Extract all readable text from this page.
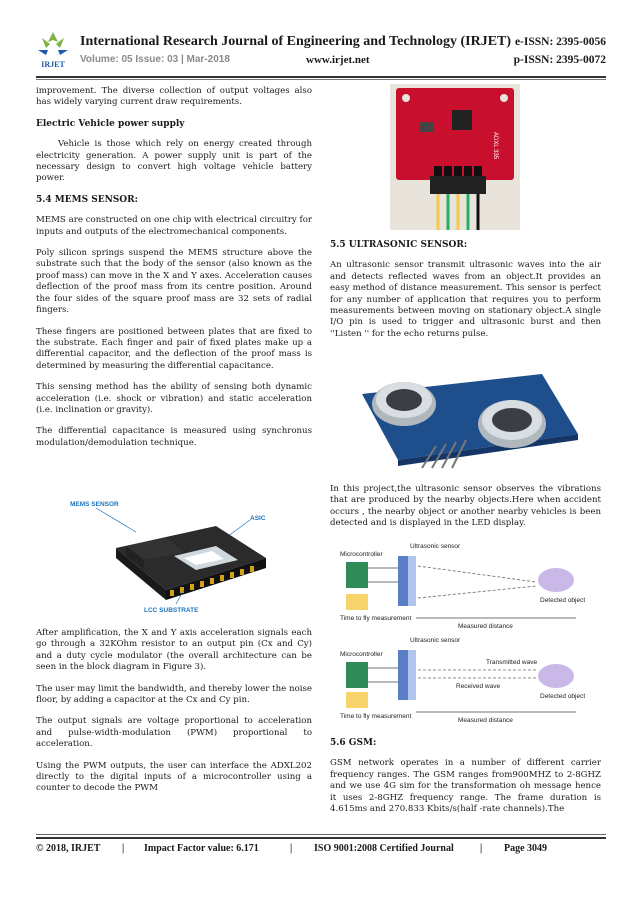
IRJET
International Research Journal of Engineering and Technology (IRJET) e-ISSN: 2395-0056
Volume: 05 Issue: 03 | Mar-2018	www.irjet.net	p-ISSN: 2395-0072

improvement. The diverse collection of output voltages also has widely varying current draw requirements.

Electric Vehicle power supply

Vehicle is those which rely on energy created through electricity generation. A power supply unit is part of the necessary design to convert high voltage vehicle battery power.

5.4 MEMS SENSOR:

MEMS are constructed on one chip with electrical circuitry for inputs and outputs of the electromechanical components.

Poly silicon springs suspend the MEMS structure above the substrate such that the body of the sensor (also known as the proof mass) can move in the X and Y axes. Acceleration causes deflection of the proof mass from its centre position. Around the four sides of the square proof mass are 32 sets of radial fingers.

These fingers are positioned between plates that are fixed to the substrate. Each finger and pair of fixed plates make up a differential capacitor, and the deflection of the proof mass is determined by measuring the differential capacitance.

This sensing method has the ability of sensing both dynamic acceleration (i.e. shock or vibration) and static acceleration (i.e. inclination or gravity).

The differential capacitance is measured using synchronus modulation/demodulation technique.

MEMS SENSOR
ASIC
LCC SUBSTRATE

After amplification, the X and Y axis acceleration signals each go through a 32KOhm resistor to an output pin (Cx and Cy) and a duty cycle modulator (the overall architecture can be seen in the block diagram in Figure 3).

The user may limit the bandwidth, and thereby lower the noise floor, by adding a capacitor at the Cx and Cy pin.

The output signals are voltage proportional to acceleration and pulse-width-modulation (PWM) proportional to acceleration.

Using the PWM outputs, the user can interface the ADXL202 directly to the digital inputs of a microcontroller using a counter to decode the PWM

ADXL 335
5.5 ULTRASONIC SENSOR:

An ultrasonic sensor transmit ultrasonic waves into the air and detects reflected waves from an object.It provides an easy method of distance measurement. This sensor is perfect for any number of application that requires you to perform measurements between moving on stationary object.A single I/O pin is used to trigger and ultrasonic burst and then ''Listen '' for the echo returns pulse.

In this project,the ultrasonic sensor observes the vibrations that are produced by the nearby objects.Here when accident occurs , the nearby object or another nearby vehicles is been detected and is displayed in the LED display.

Microcontroller
Ultrasonic sensor
Time to fly measurement
Detected object
Measured distance
Microcontroller
Ultrasonic sensor
Time to fly measurement
Transmitted wave
Received wave
Detected object
Measured distance
5.6 GSM:

GSM network operates in a number of different carrier frequency ranges. The GSM ranges from900MHZ to 2-8GHZ and we use 4G sim for the transformation oh message hence it uses 2-8GHZ frequency range. The frame duration is 4.615ms and 270.833 Kbits/s(half -rate channels).The

© 2018, IRJET | Impact Factor value: 6.171	| ISO 9001:2008 Certified Journal	| Page 3049
